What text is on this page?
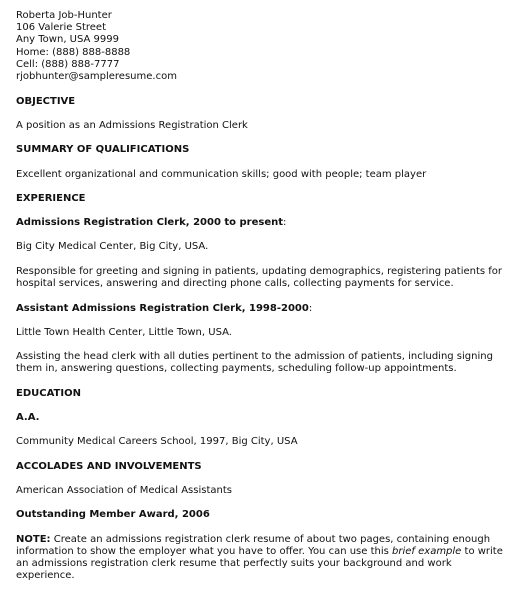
Roberta Job-Hunter

106 Valerie Street

Any Town, USA 9999

Home: (888) 888-8888

Cell: (888) 888-7777

rjobhunter@sampleresume.com

OBJECTIVE

A position as an Admissions Registration Clerk

SUMMARY OF QUALIFICATIONS

Excellent organizational and communication skills; good with people; team player

EXPERIENCE

Admissions Registration Clerk, 2000 to present:

Big City Medical Center, Big City, USA.

Responsible for greeting and signing in patients, updating demographics, registering patients for

hospital services, answering and directing phone calls, collecting payments for service.

Assistant Admissions Registration Clerk, 1998-2000:

Little Town Health Center, Little Town, USA.

Assisting the head clerk with all duties pertinent to the admission of patients, including signing

them in, answering questions, collecting payments, scheduling follow-up appointments.

EDUCATION

A.A.

Community Medical Careers School, 1997, Big City, USA

ACCOLADES AND INVOLVEMENTS

American Association of Medical Assistants

Outstanding Member Award, 2006

NOTE: Create an admissions registration clerk resume of about two pages, containing enough

information to show the employer what you have to offer. You can use this brief example to write

an admissions registration clerk resume that perfectly suits your background and work

experience.
